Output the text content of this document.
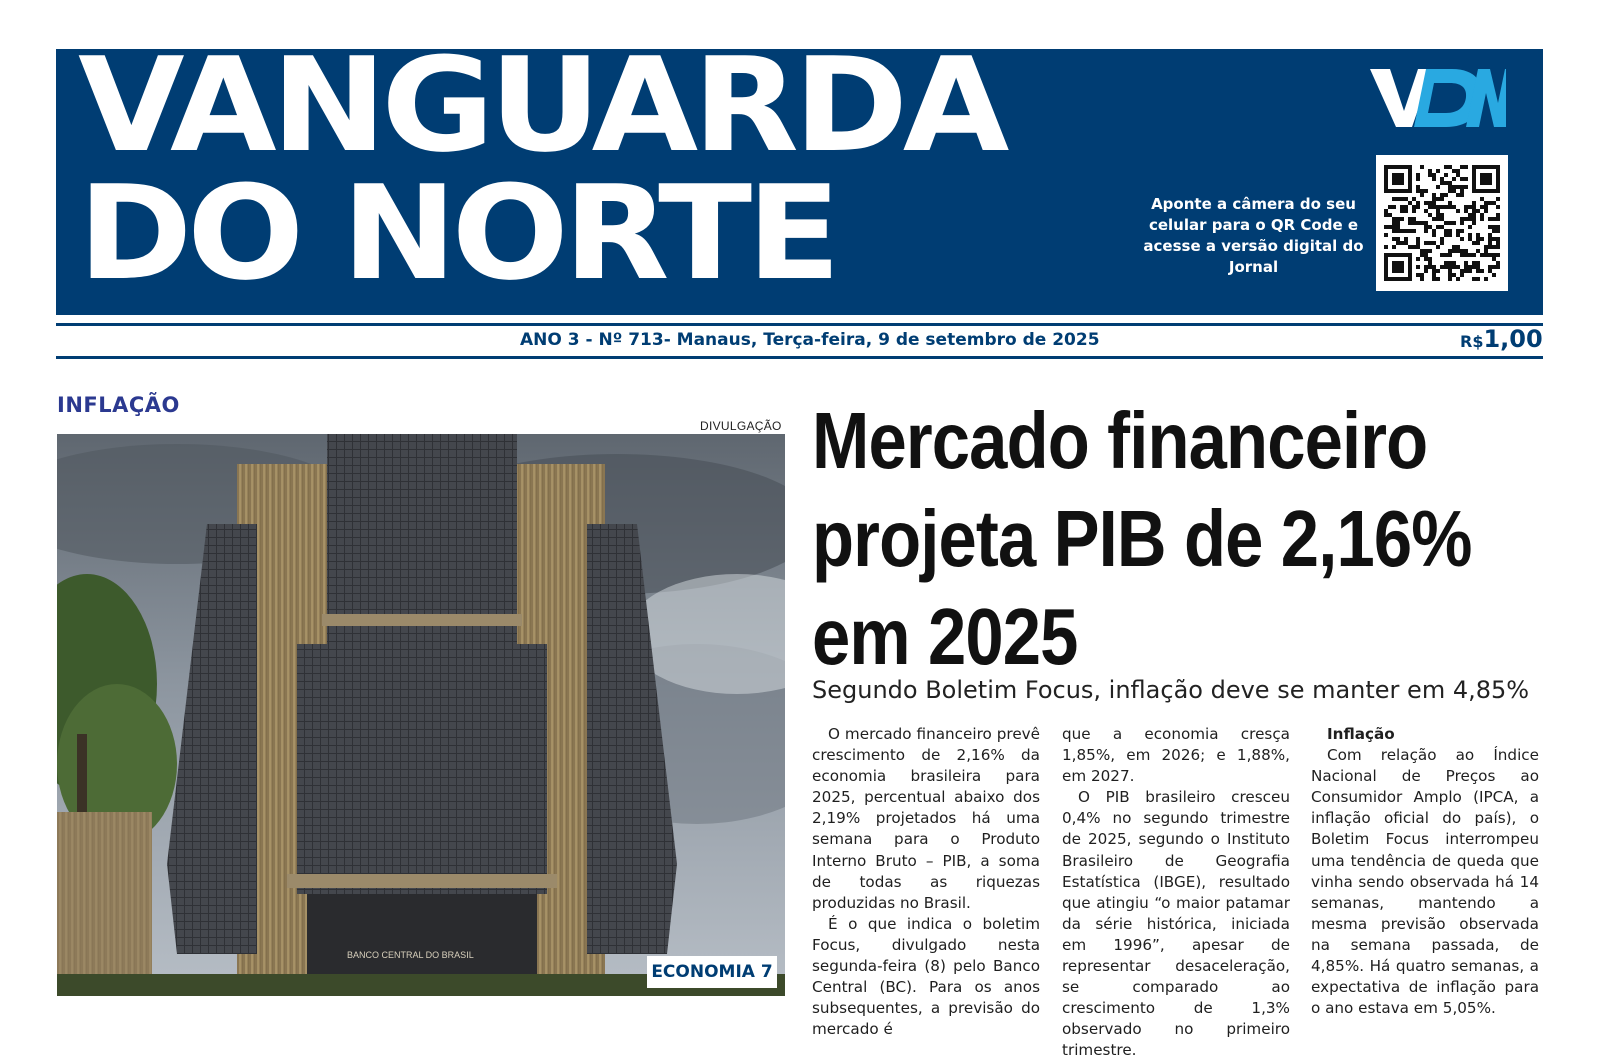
VANGUARDA
DO NORTE	Aponte a câmera do seu celular para o QR Code e acesse a versão digital do Jornal
ANO 3 - Nº 713- Manaus, Terça-feira, 9 de setembro de 2025	R$1,00
INFLAÇÃO
DIVULGAÇÃO
BANCO CENTRAL DO BRASIL
ECONOMIA 7
Mercado financeiro
projeta PIB de 2,16%
em 2025
Segundo Boletim Focus, inflação deve se manter em 4,85%

O mercado financeiro prevê crescimento de 2,16% da economia brasileira para 2025, percentual abaixo dos 2,19% projetados há uma semana para o Produto Interno Bruto – PIB, a soma de todas as riquezas produzidas no Brasil.

É o que indica o boletim Focus, divulgado nesta segunda-feira (8) pelo Banco Central (BC). Para os anos subsequentes, a previsão do mercado é

que a economia cresça 1,85%, em 2026; e 1,88%, em 2027.

O PIB brasileiro cresceu 0,4% no segundo trimestre de 2025, segundo o Instituto Brasileiro de Geografia Estatística (IBGE), resultado que atingiu “o maior patamar da série histórica, iniciada em 1996”, apesar de representar desaceleração, se comparado ao crescimento de 1,3% observado no primeiro trimestre.

Inflação

Com relação ao Índice Nacional de Preços ao Consumidor Amplo (IPCA, a inflação oficial do país), o Boletim Focus interrompeu uma tendência de queda que vinha sendo observada há 14 semanas, mantendo a mesma previsão observada na semana passada, de 4,85%. Há quatro semanas, a expectativa de inflação para o ano estava em 5,05%.
